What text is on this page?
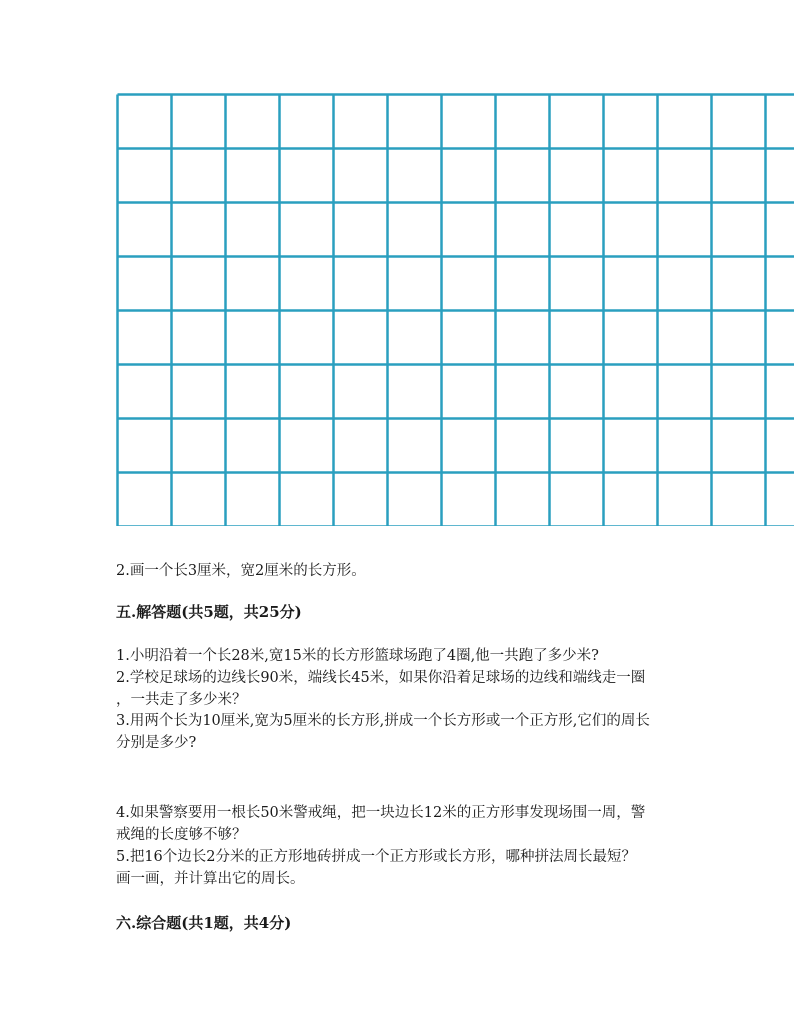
2.画一个长3厘米，宽2厘米的长方形。
五.解答题(共5题，共25分)
1.小明沿着一个长28米,宽15米的长方形篮球场跑了4圈,他一共跑了多少米?
2.学校足球场的边线长90米，端线长45米，如果你沿着足球场的边线和端线走一圈
，一共走了多少米？
3.用两个长为10厘米,宽为5厘米的长方形,拼成一个长方形或一个正方形,它们的周长
分别是多少?
4.如果警察要用一根长50米警戒绳，把一块边长12米的正方形事发现场围一周，警
戒绳的长度够不够？
5.把16个边长2分米的正方形地砖拼成一个正方形或长方形，哪种拼法周长最短？
画一画，并计算出它的周长。
六.综合题(共1题，共4分)
